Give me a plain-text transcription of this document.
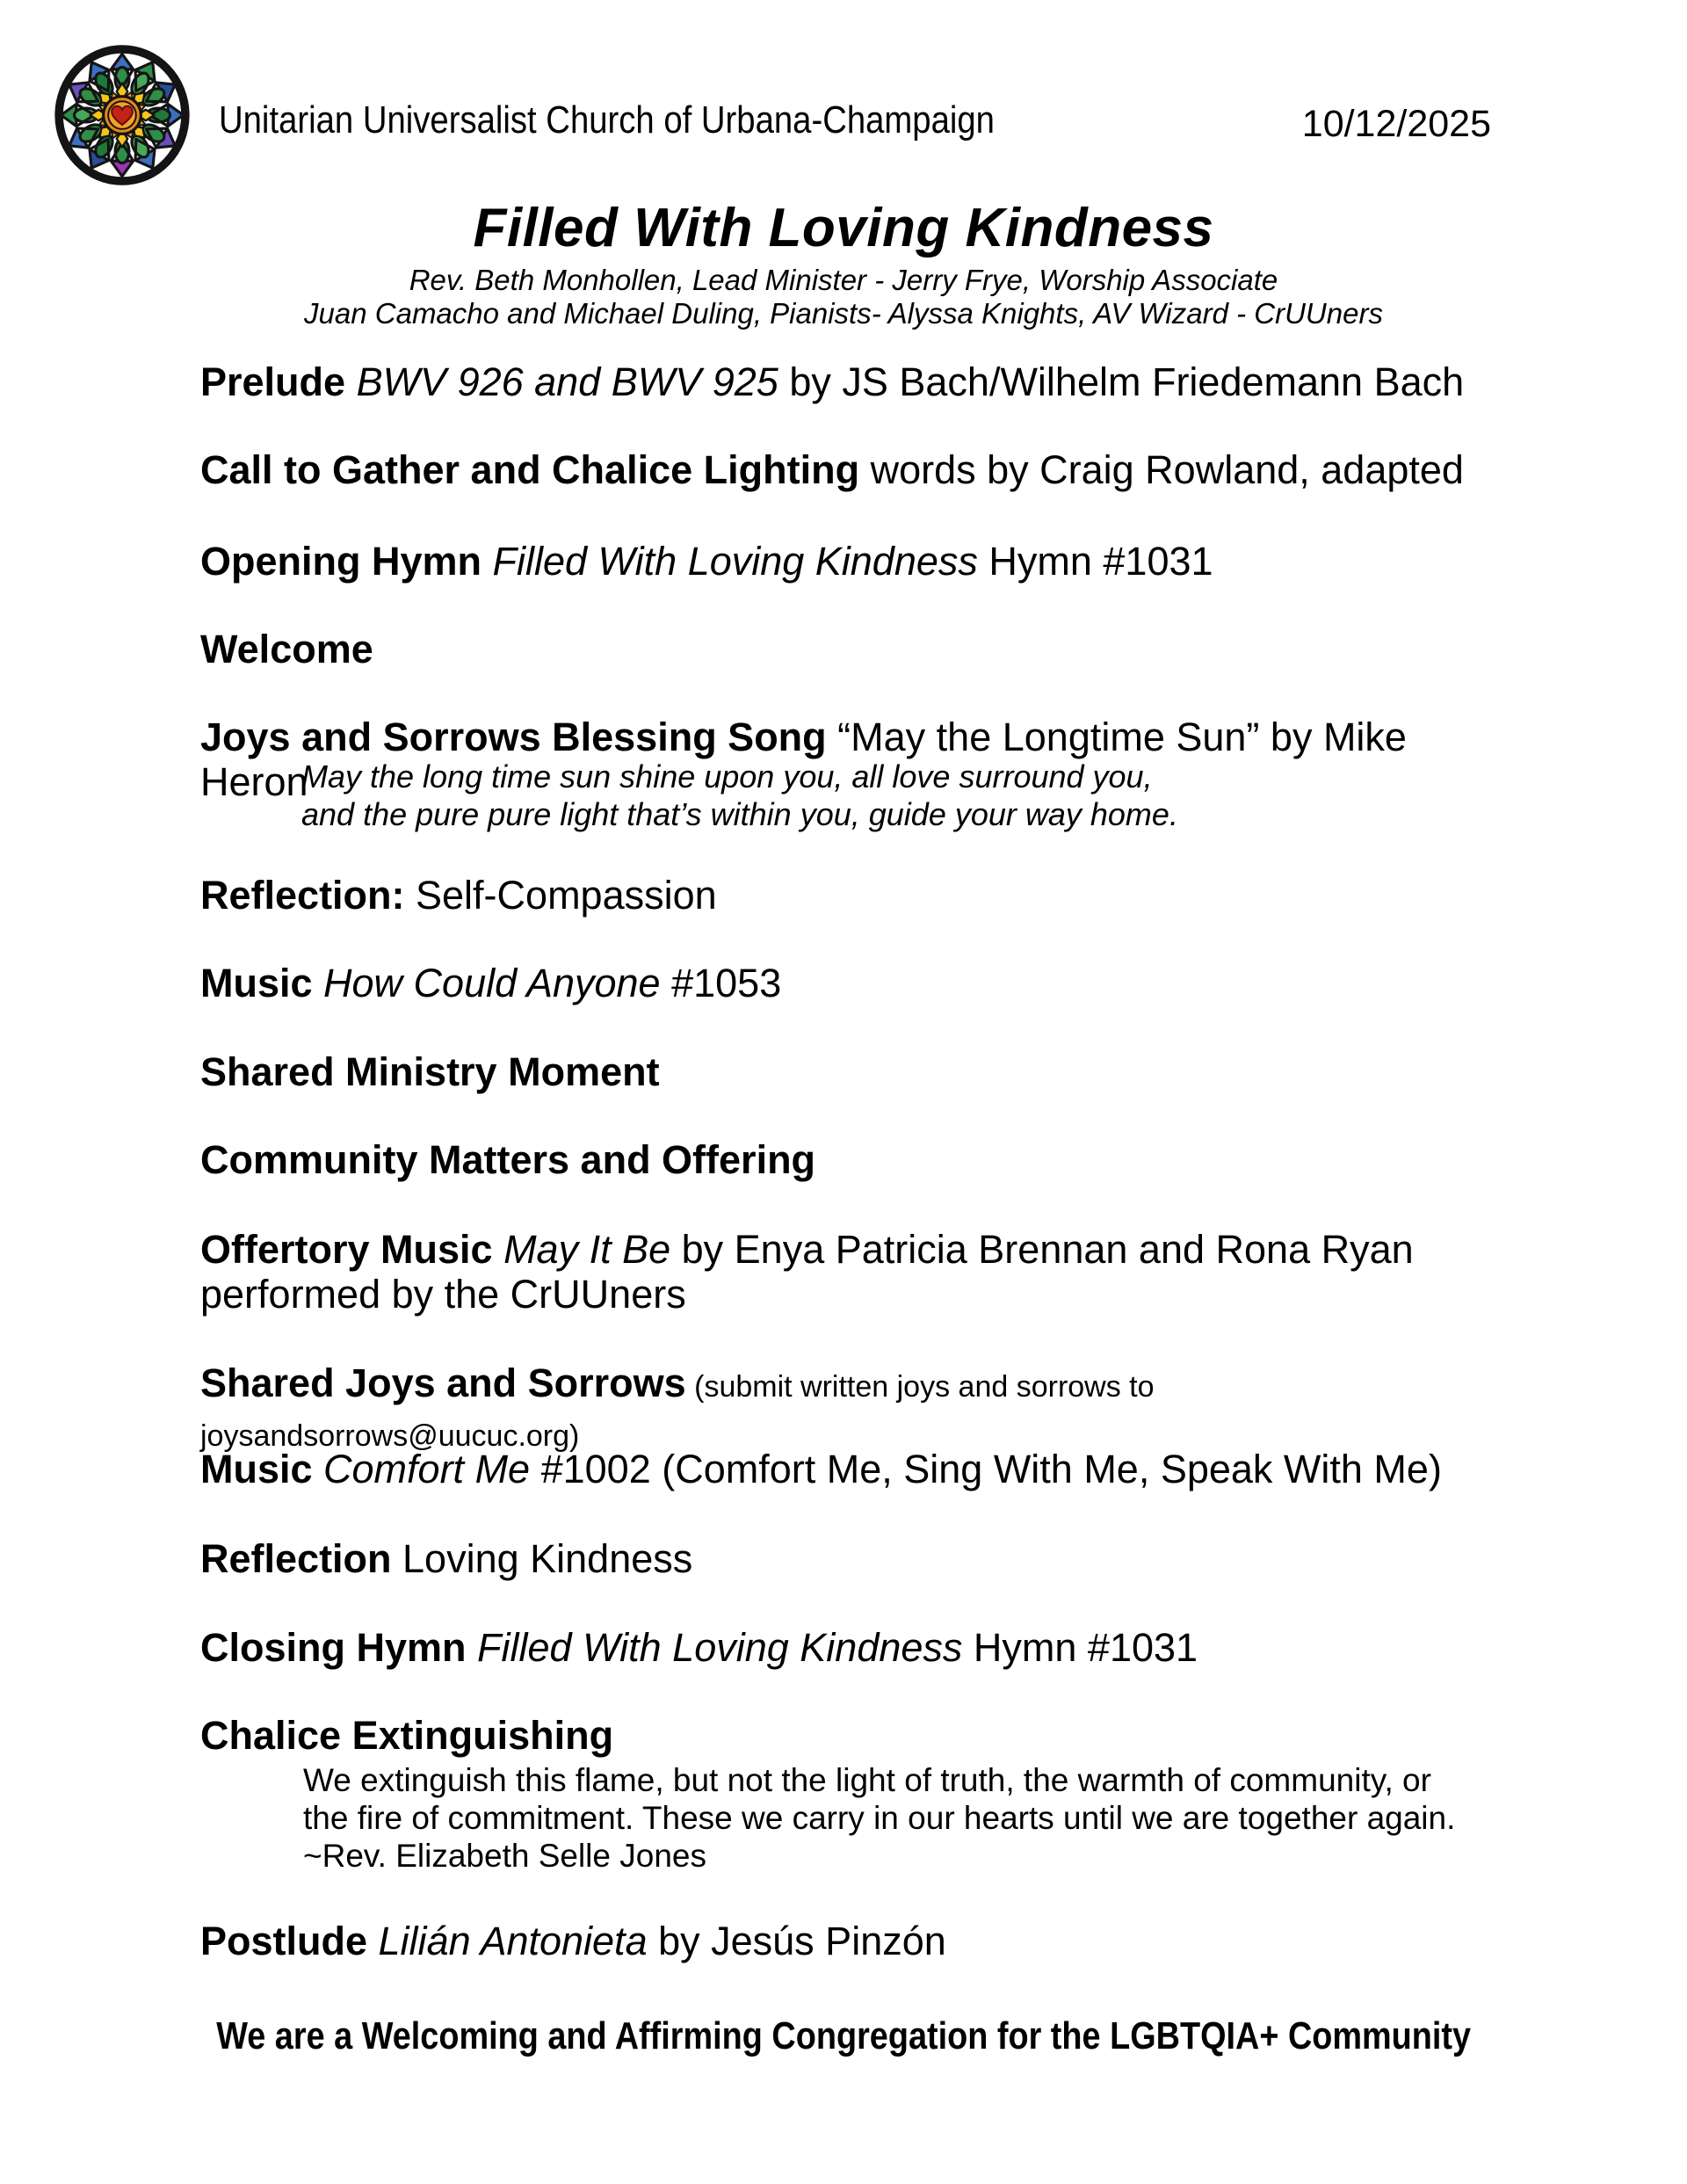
Unitarian Universalist Church of Urbana-Champaign	10/12/2025
Filled With Loving Kindness
Rev. Beth Monhollen, Lead Minister - Jerry Frye, Worship Associate
Juan Camacho and Michael Duling, Pianists- Alyssa Knights, AV Wizard - CrUUners
Prelude BWV 926 and BWV 925 by JS Bach/Wilhelm Friedemann Bach
Call to Gather and Chalice Lighting words by Craig Rowland, adapted
Opening Hymn Filled With Loving Kindness Hymn #1031
Welcome
Joys and Sorrows Blessing Song “May the Longtime Sun” by Mike Heron
May the long time sun shine upon you, all love surround you,
and the pure pure light that’s within you, guide your way home.
Reflection: Self-Compassion
Music How Could Anyone #1053
Shared Ministry Moment
Community Matters and Offering
Offertory Music May It Be by Enya Patricia Brennan and Rona Ryan performed by the CrUUners
Shared Joys and Sorrows (submit written joys and sorrows to joysandsorrows@uucuc.org)
Music Comfort Me #1002 (Comfort Me, Sing With Me, Speak With Me)
Reflection Loving Kindness
Closing Hymn Filled With Loving Kindness Hymn #1031
Chalice Extinguishing
We extinguish this flame, but not the light of truth, the warmth of community, or
the fire of commitment. These we carry in our hearts until we are together again.
~Rev. Elizabeth Selle Jones
Postlude Lilián Antonieta by Jesús Pinzón
We are a Welcoming and Affirming Congregation for the LGBTQIA+ Community
